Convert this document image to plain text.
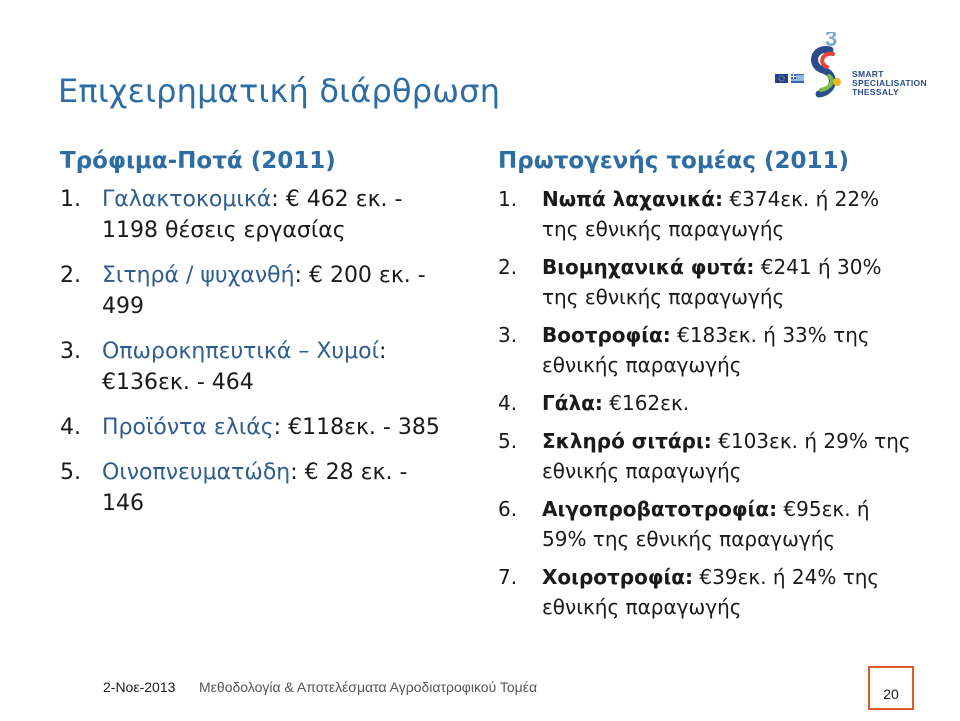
Επιχειρηματική διάρθρωση
3
SMART
SPECIALISATION
THESSALY
Τρόφιμα-Ποτά (2011)
1. Γαλακτοκομικά: € 462 εκ. - 1198 θέσεις εργασίας
2. Σιτηρά / ψυχανθή: € 200 εκ. - 499
3. Οπωροκηπευτικά – Χυμοί: €136εκ. - 464
4. Προϊόντα ελιάς: €118εκ. - 385
5. Οινοπνευματώδη: € 28 εκ. - 146
Πρωτογενής τομέας (2011)
1.	Νωπά λαχανικά: €374εκ. ή 22% της εθνικής παραγωγής
2.	Βιομηχανικά φυτά: €241 ή 30% της εθνικής παραγωγής
3.	Βοοτροφία: €183εκ. ή 33% της εθνικής παραγωγής
4.	Γάλα: €162εκ.
5.	Σκληρό σιτάρι: €103εκ. ή 29% της εθνικής παραγωγής
6.	Αιγοπροβατοτροφία: €95εκ. ή 59% της εθνικής παραγωγής
7.	Χοιροτροφία: €39εκ. ή 24% της εθνικής παραγωγής
2-Νοε-2013 Μεθοδολογία & Αποτελέσματα Αγροδιατροφικού Τομέα	20
